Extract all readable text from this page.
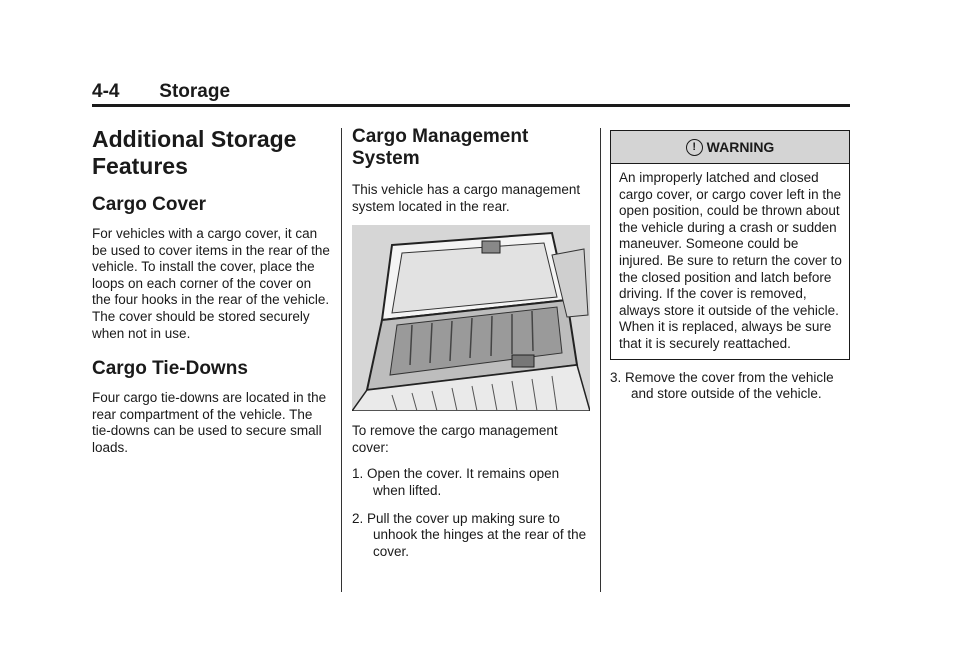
4-4 Storage
Additional Storage Features
Cargo Cover

For vehicles with a cargo cover, it can be used to cover items in the rear of the vehicle. To install the cover, place the loops on each corner of the cover on the four hooks in the rear of the vehicle. The cover should be stored securely when not in use.

Cargo Tie-Downs

Four cargo tie-downs are located in the rear compartment of the vehicle. The tie-downs can be used to secure small loads.

Cargo Management System

This vehicle has a cargo management system located in the rear.

To remove the cargo management cover:

1. Open the cover. It remains open when lifted.
2. Pull the cover up making sure to unhook the hinges at the rear of the cover.
! WARNING

An improperly latched and closed cargo cover, or cargo cover left in the open position, could be thrown about the vehicle during a crash or sudden maneuver. Someone could be injured. Be sure to return the cover to the closed position and latch before driving. If the cover is removed, always store it outside of the vehicle. When it is replaced, always be sure that it is securely reattached.

3. Remove the cover from the vehicle and store outside of the vehicle.
